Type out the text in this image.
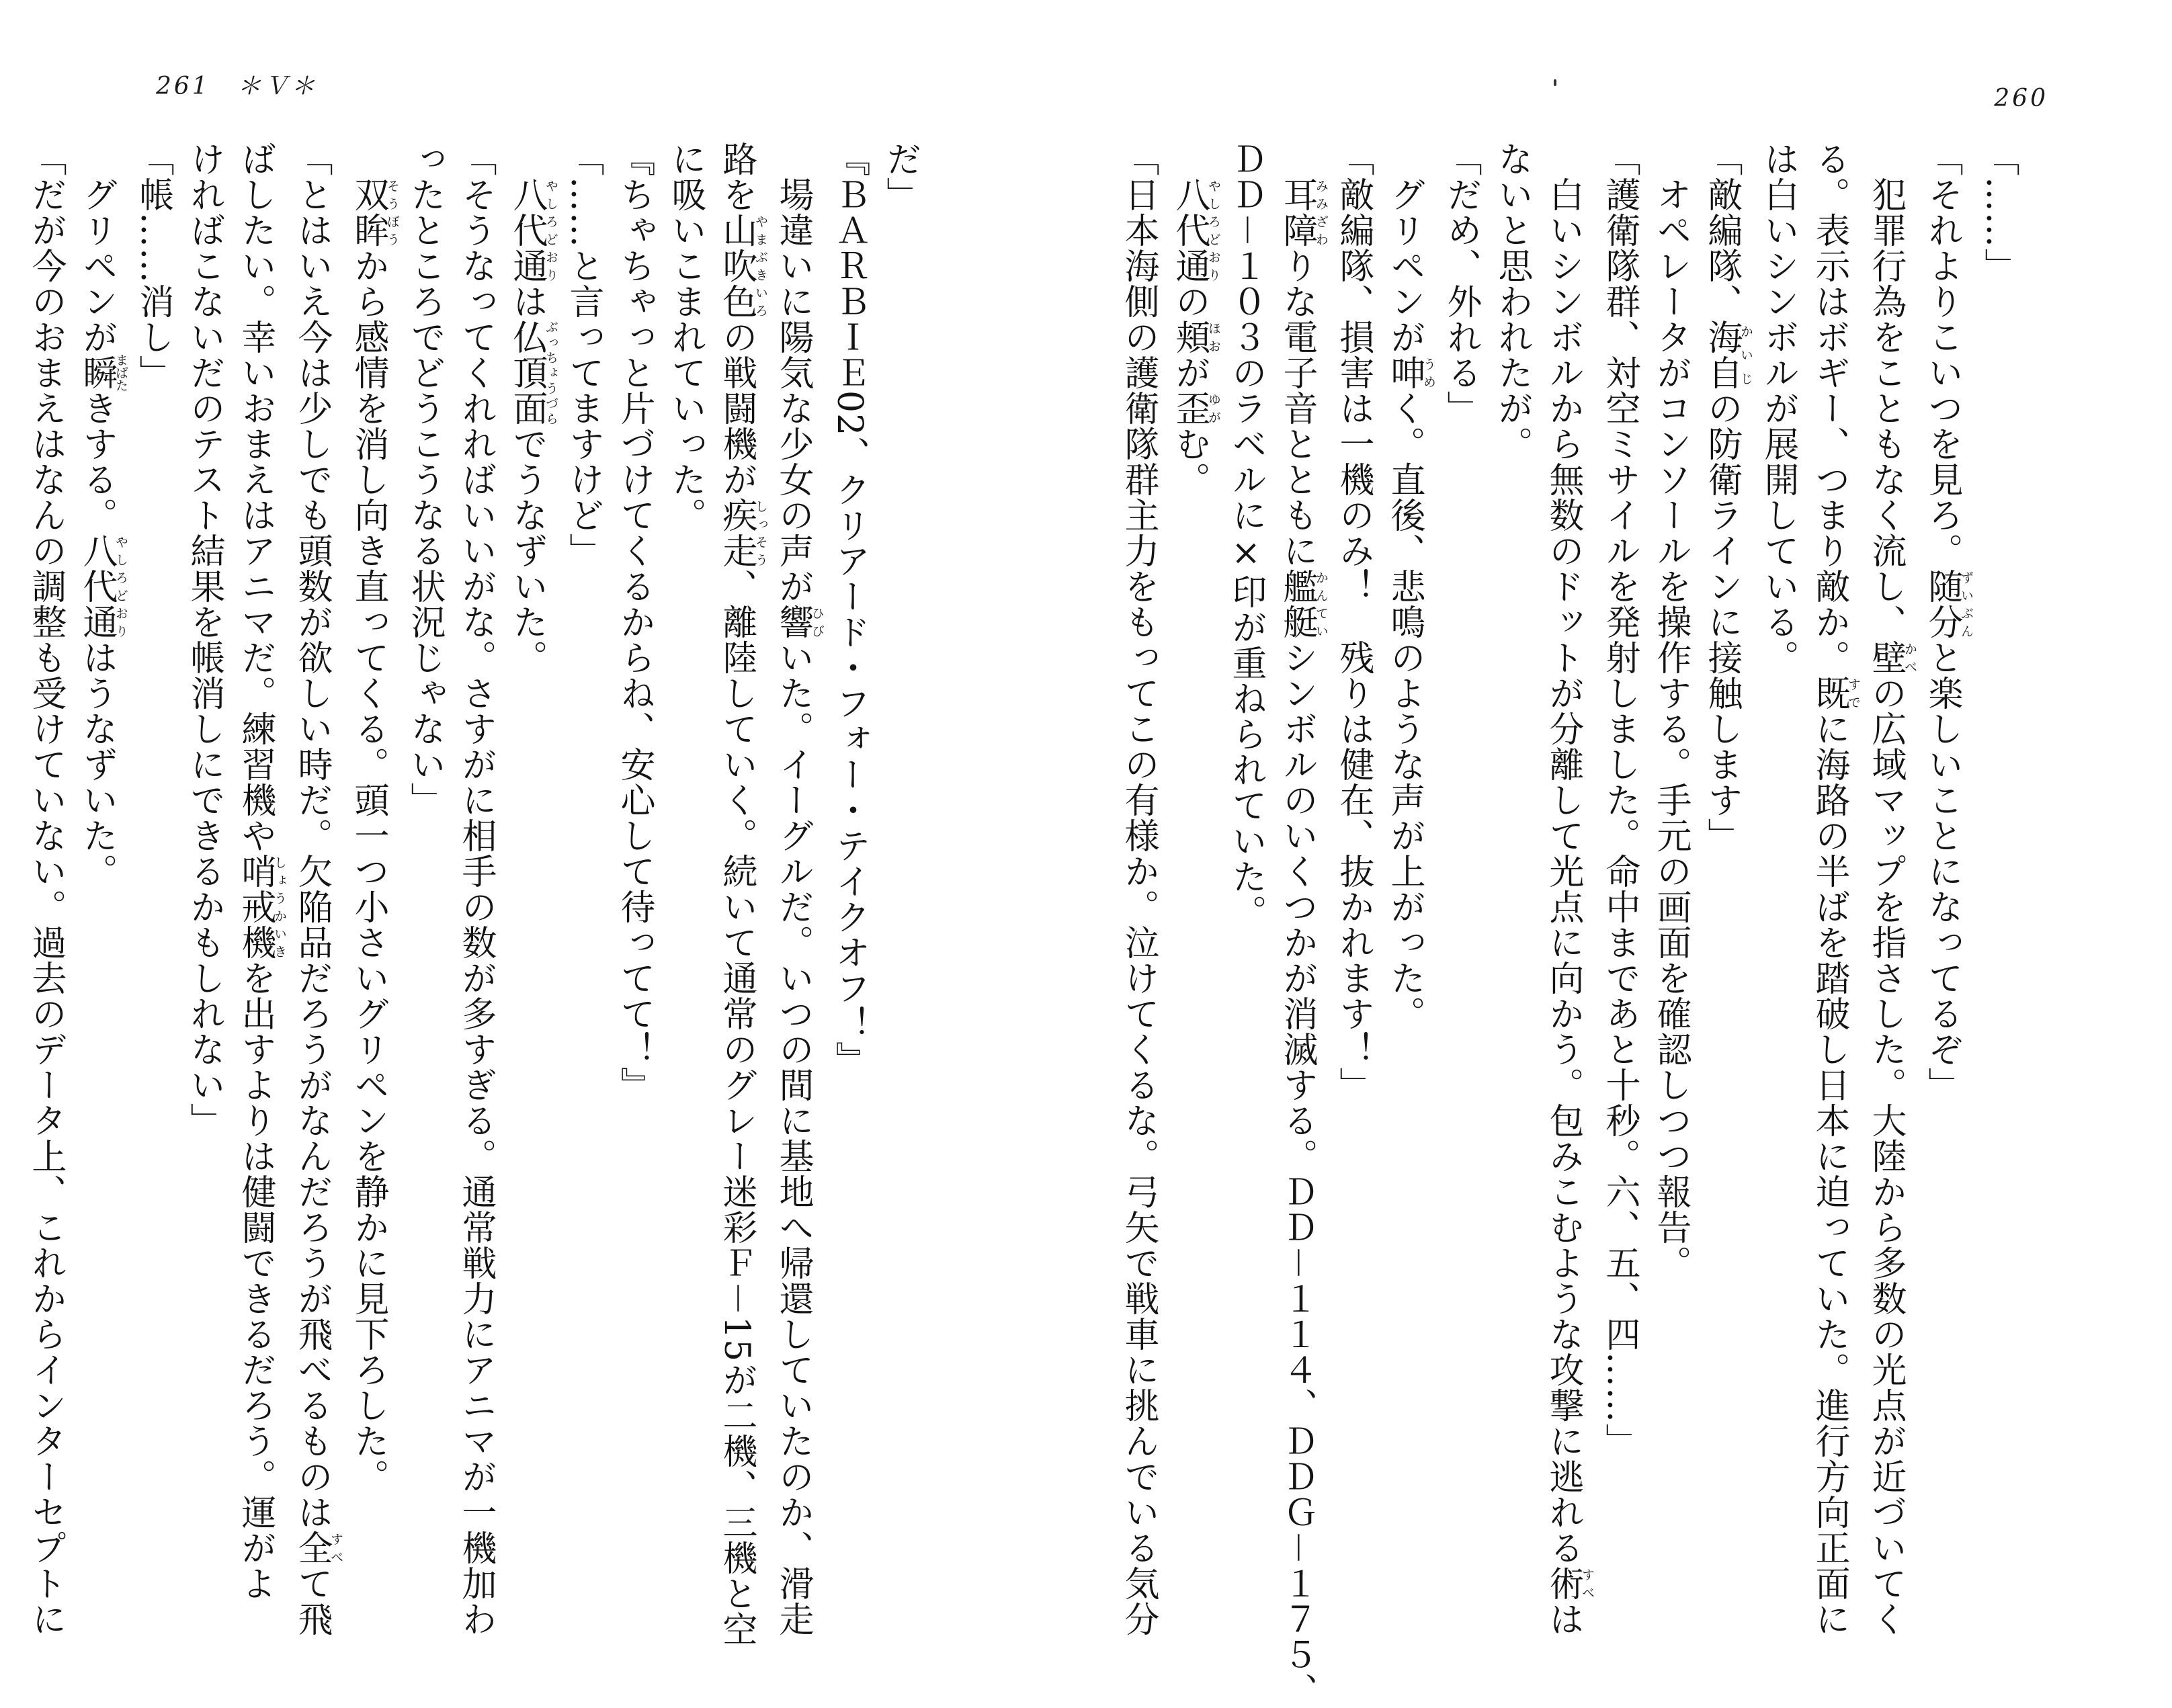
261　＊Ｖ＊	260
「……」
「それよりこいつを見ろ。随分ずいぶんと楽しいことになってるぞ」
　犯罪行為をこともなく流し、壁かべの広域マップを指さした。大陸から多数の光点が近づいてく
る。表示はボギー、つまり敵か。既すでに海路の半ばを踏破し日本に迫っていた。進行方向正面に
は白いシンボルが展開している。
「敵編隊、海自かいじの防衛ラインに接触します」
　オペレータがコンソールを操作する。手元の画面を確認しつつ報告。
「護衛隊群、対空ミサイルを発射しました。命中まであと十秒。六、五、四……」
　白いシンボルから無数のドットが分離して光点に向かう。包みこむような攻撃に逃れる術すべは
ないと思われたが。
「だめ、外れる」
　グリペンが呻うめく。直後、悲鳴のような声が上がった。
「敵編隊、損害は一機のみ！　残りは健在、抜かれます！」
　耳障みみざわりな電子音とともに艦艇かんていシンボルのいくつかが消滅する。ＤＤ－１１４、ＤＤＧ－１７５、
ＤＤ－１０３のラベルに×印が重ねられていた。
　八代通やしろどおりの頬ほおが歪ゆがむ。
「日本海側の護衛隊群主力をもってこの有様か。泣けてくるな。弓矢で戦車に挑んでいる気分
だ」
『ＢＡＲＢＩＥ02、クリアード・フォー・テイクオフ！』
　場違いに陽気な少女の声が響ひびいた。イーグルだ。いつの間に基地へ帰還していたのか、滑走
路を山吹色やまぶきいろの戦闘機が疾走しっそう、離陸していく。続いて通常のグレー迷彩Ｆ－15が二機、三機と空
に吸いこまれていった。
『ちゃちゃっと片づけてくるからね、安心して待ってて！』
「……と言ってますけど」
　八代通やしろどおりは仏頂面ぶっちょうづらでうなずいた。
「そうなってくれればいいがな。さすがに相手の数が多すぎる。通常戦力にアニマが一機加わ
ったところでどうこうなる状況じゃない」
　双眸そうぼうから感情を消し向き直ってくる。頭一つ小さいグリペンを静かに見下ろした。
「とはいえ今は少しでも頭数が欲しい時だ。欠陥品だろうがなんだろうが飛べるものは全すべて飛
ばしたい。幸いおまえはアニマだ。練習機や哨戒機しょうかいきを出すよりは健闘できるだろう。運がよ
ければこないだのテスト結果を帳消しにできるかもしれない」
「帳……消し」
　グリペンが瞬まばたきする。八代通やしろどおりはうなずいた。
「だが今のおまえはなんの調整も受けていない。過去のデータ上、これからインターセプトに
